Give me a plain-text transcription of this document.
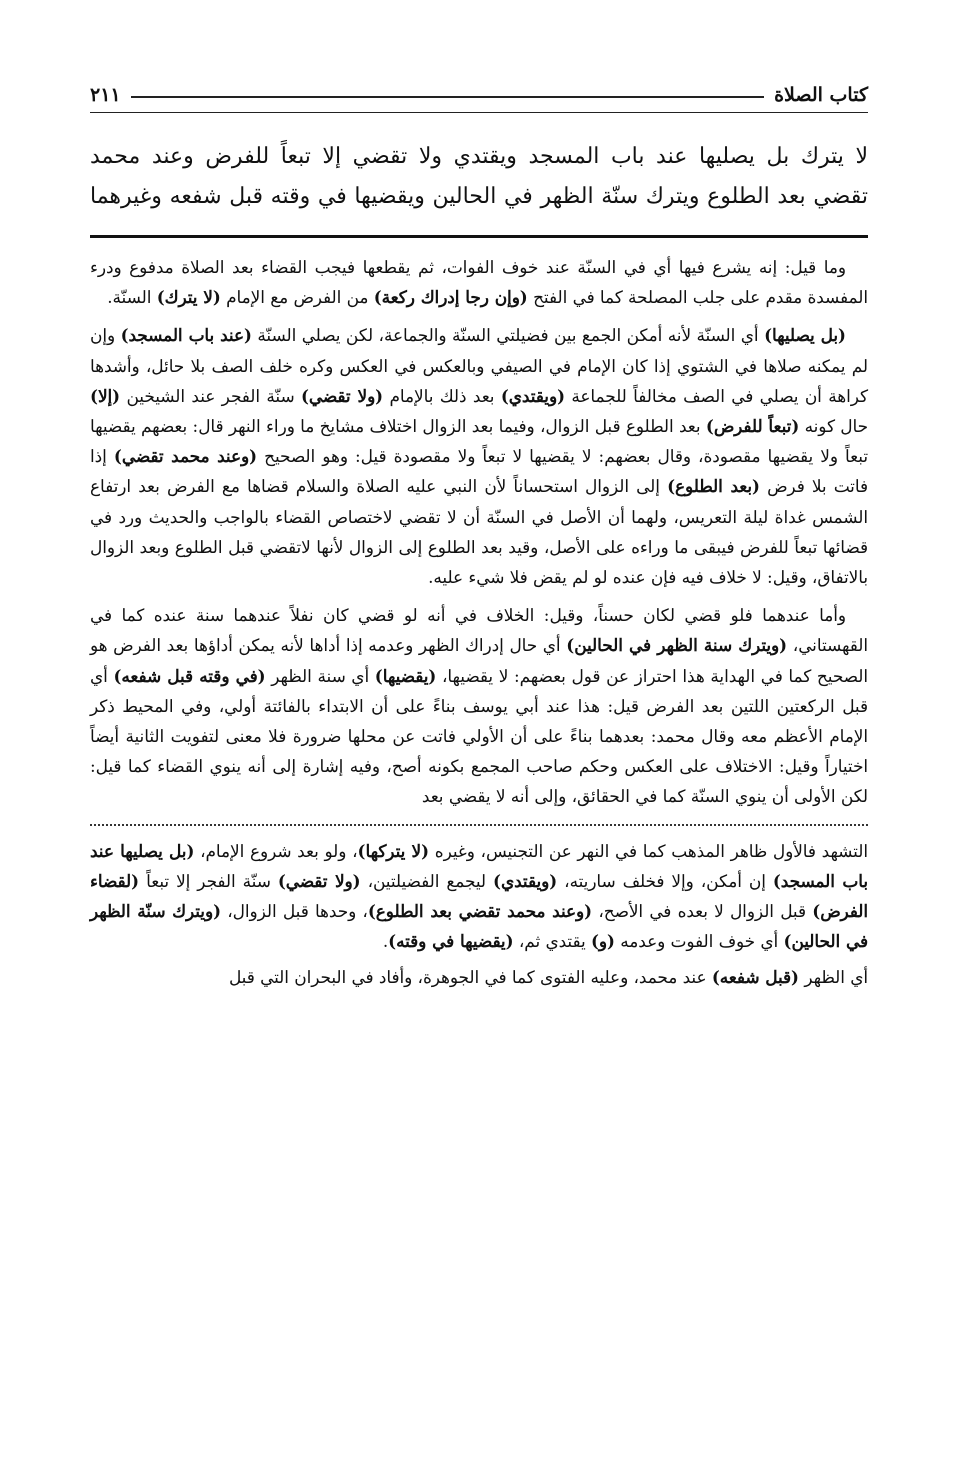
كتاب الصلاة
٢١١
لا يترك بل يصليها عند باب المسجد ويقتدي ولا تقضي إلا تبعاً للفرض وعند محمد
تقضي بعد الطلوع ويترك سنّة الظهر في الحالين ويقضيها في وقته قبل شفعه وغيرهما

وما قيل: إنه يشرع فيها أي في السنّة عند خوف الفوات، ثم يقطعها فيجب القضاء بعد الصلاة مدفوع ودرء المفسدة مقدم على جلب المصلحة كما في الفتح (وإن رجا إدراك ركعة) من الفرض مع الإمام (لا يترك) السنّة.

(بل يصليها) أي السنّة لأنه أمكن الجمع بين فضيلتي السنّة والجماعة، لكن يصلي السنّة (عند باب المسجد) وإن لم يمكنه صلاها في الشتوي إذا كان الإمام في الصيفي وبالعكس في العكس وكره خلف الصف بلا حائل، وأشدها كراهة أن يصلي في الصف مخالفاً للجماعة (ويقتدي) بعد ذلك بالإمام (ولا تقضي) سنّة الفجر عند الشيخين (إلا) حال كونه (تبعاً للفرض) بعد الطلوع قبل الزوال، وفيما بعد الزوال اختلاف مشايخ ما وراء النهر قال: بعضهم يقضيها تبعاً ولا يقضيها مقصودة، وقال بعضهم: لا يقضيها لا تبعاً ولا مقصودة قيل: وهو الصحيح (وعند محمد تقضي) إذا فاتت بلا فرض (بعد الطلوع) إلى الزوال استحساناً لأن النبي عليه الصلاة والسلام قضاها مع الفرض بعد ارتفاع الشمس غداة ليلة التعريس، ولهما أن الأصل في السنّة أن لا تقضي لاختصاص القضاء بالواجب والحديث ورد في قضائها تبعاً للفرض فيبقى ما وراءه على الأصل، وقيد بعد الطلوع إلى الزوال لأنها لاتقضي قبل الطلوع وبعد الزوال بالاتفاق، وقيل: لا خلاف فيه فإن عنده لو لم يقض فلا شيء عليه.

وأما عندهما فلو قضي لكان حسناً، وقيل: الخلاف في أنه لو قضي كان نفلاً عندهما سنة عنده كما في القهستاني، (ويترك سنة الظهر في الحالين) أي حال إدراك الظهر وعدمه إذا أداها لأنه يمكن أداؤها بعد الفرض هو الصحيح كما في الهداية هذا احتراز عن قول بعضهم: لا يقضيها، (يقضيها) أي سنة الظهر (في وقته قبل شفعه) أي قبل الركعتين اللتين بعد الفرض قيل: هذا عند أبي يوسف بناءً على أن الابتداء بالفائتة أولي، وفي المحيط ذكر الإمام الأعظم معه وقال محمد: بعدهما بناءً على أن الأولي فاتت عن محلها ضرورة فلا معنى لتفويت الثانية أيضاً اختياراً وقيل: الاختلاف على العكس وحكم صاحب المجمع بكونه أصح، وفيه إشارة إلى أنه ينوي القضاء كما قيل: لكن الأولى أن ينوي السنّة كما في الحقائق، وإلى أنه لا يقضي بعد

التشهد فالأول ظاهر المذهب كما في النهر عن التجنيس، وغيره (لا يتركها)، ولو بعد شروع الإمام، (بل يصليها عند باب المسجد) إن أمكن، وإلا فخلف ساريته، (ويقتدي) ليجمع الفضيلتين، (ولا تقضي) سنّة الفجر إلا تبعاً (لقضاء الفرض) قبل الزوال لا بعده في الأصح، (وعند محمد تقضي بعد الطلوع)، وحدها قبل الزوال، (ويترك سنّة الظهر في الحالين) أي خوف الفوت وعدمه (و) يقتدي ثم، (يقضيها في وقته).

أي الظهر (قبل شفعه) عند محمد، وعليه الفتوى كما في الجوهرة، وأفاد في البحران التي قبل
